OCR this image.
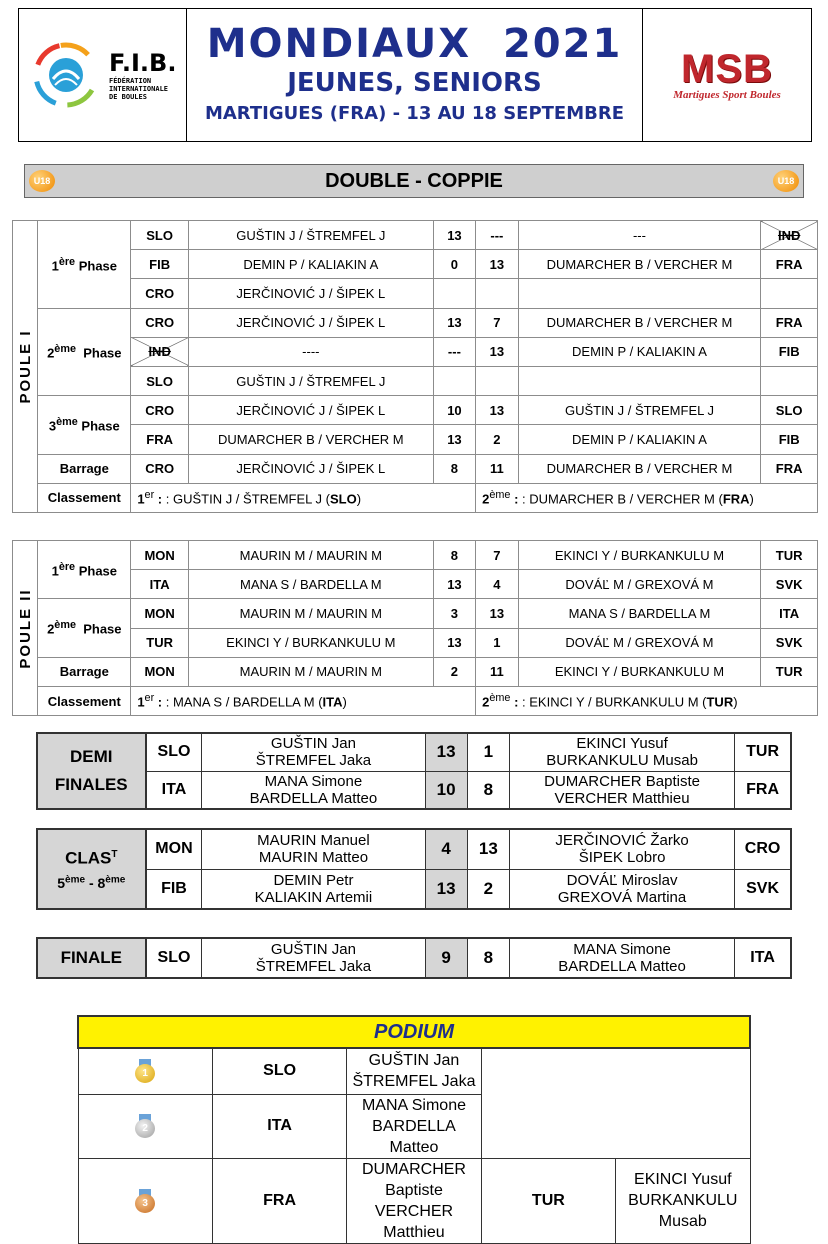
F.I.B.
FÉDÉRATION
INTERNATIONALE
DE BOULES
MONDIAUX  2021
JEUNES, SENIORS
MARTIGUES (FRA) - 13 AU 18 SEPTEMBRE
MSB
Martigues Sport Boules
U18	DOUBLE - COPPIE	U18
POULE I	1ère Phase	SLO	GUŠTIN J / ŠTREMFEL J	13	---	---	IND
		FIB	DEMIN P / KALIAKIN A	0	13	DUMARCHER B / VERCHER M	FRA
		CRO	JERČINOVIĆ J / ŠIPEK L				
	2ème Phase	CRO	JERČINOVIĆ J / ŠIPEK L	13	7	DUMARCHER B / VERCHER M	FRA
		IND	----	---	13	DEMIN P / KALIAKIN A	FIB
		SLO	GUŠTIN J / ŠTREMFEL J				
	3ème Phase	CRO	JERČINOVIĆ J / ŠIPEK L	10	13	GUŠTIN J / ŠTREMFEL J	SLO
		FRA	DUMARCHER B / VERCHER M	13	2	DEMIN P / KALIAKIN A	FIB
	Barrage	CRO	JERČINOVIĆ J / ŠIPEK L	8	11	DUMARCHER B / VERCHER M	FRA
	Classement	1er : : GUŠTIN J / ŠTREMFEL J (SLO)			2ème : : DUMARCHER B / VERCHER M (FRA)		
POULE II	1ère Phase	MON	MAURIN M / MAURIN M	8	7	EKINCI Y / BURKANKULU M	TUR
		ITA	MANA S / BARDELLA M	13	4	DOVÁĽ M / GREXOVÁ M	SVK
	2ème Phase	MON	MAURIN M / MAURIN M	3	13	MANA S / BARDELLA M	ITA
		TUR	EKINCI Y / BURKANKULU M	13	1	DOVÁĽ M / GREXOVÁ M	SVK
	Barrage	MON	MAURIN M / MAURIN M	2	11	EKINCI Y / BURKANKULU M	TUR
	Classement	1er : : MANA S / BARDELLA M (ITA)			2ème : : EKINCI Y / BURKANKULU M (TUR)		
DEMI
FINALES	SLO	GUŠTIN Jan
ŠTREMFEL Jaka	13	1	EKINCI Yusuf
BURKANKULU Musab	TUR
	ITA	MANA Simone
BARDELLA Matteo	10	8	DUMARCHER Baptiste
VERCHER Matthieu	FRA
$CLAS^T$
5ème - 8ème	MON	MAURIN Manuel
MAURIN Matteo	4	13	JERČINOVIĆ Žarko
ŠIPEK Lobro	CRO
	FIB	DEMIN Petr
KALIAKIN Artemii	13	2	DOVÁĽ Miroslav
GREXOVÁ Martina	SVK
FINALE	SLO	GUŠTIN Jan
ŠTREMFEL Jaka	9	8	MANA Simone
BARDELLA Matteo	ITA
PODIUM				

1	SLO	GUŠTIN Jan
ŠTREMFEL Jaka		

2	ITA	MANA Simone
BARDELLA Matteo		

3	FRA	DUMARCHER Baptiste
VERCHER Matthieu	TUR	EKINCI Yusuf
BURKANKULU Musab
